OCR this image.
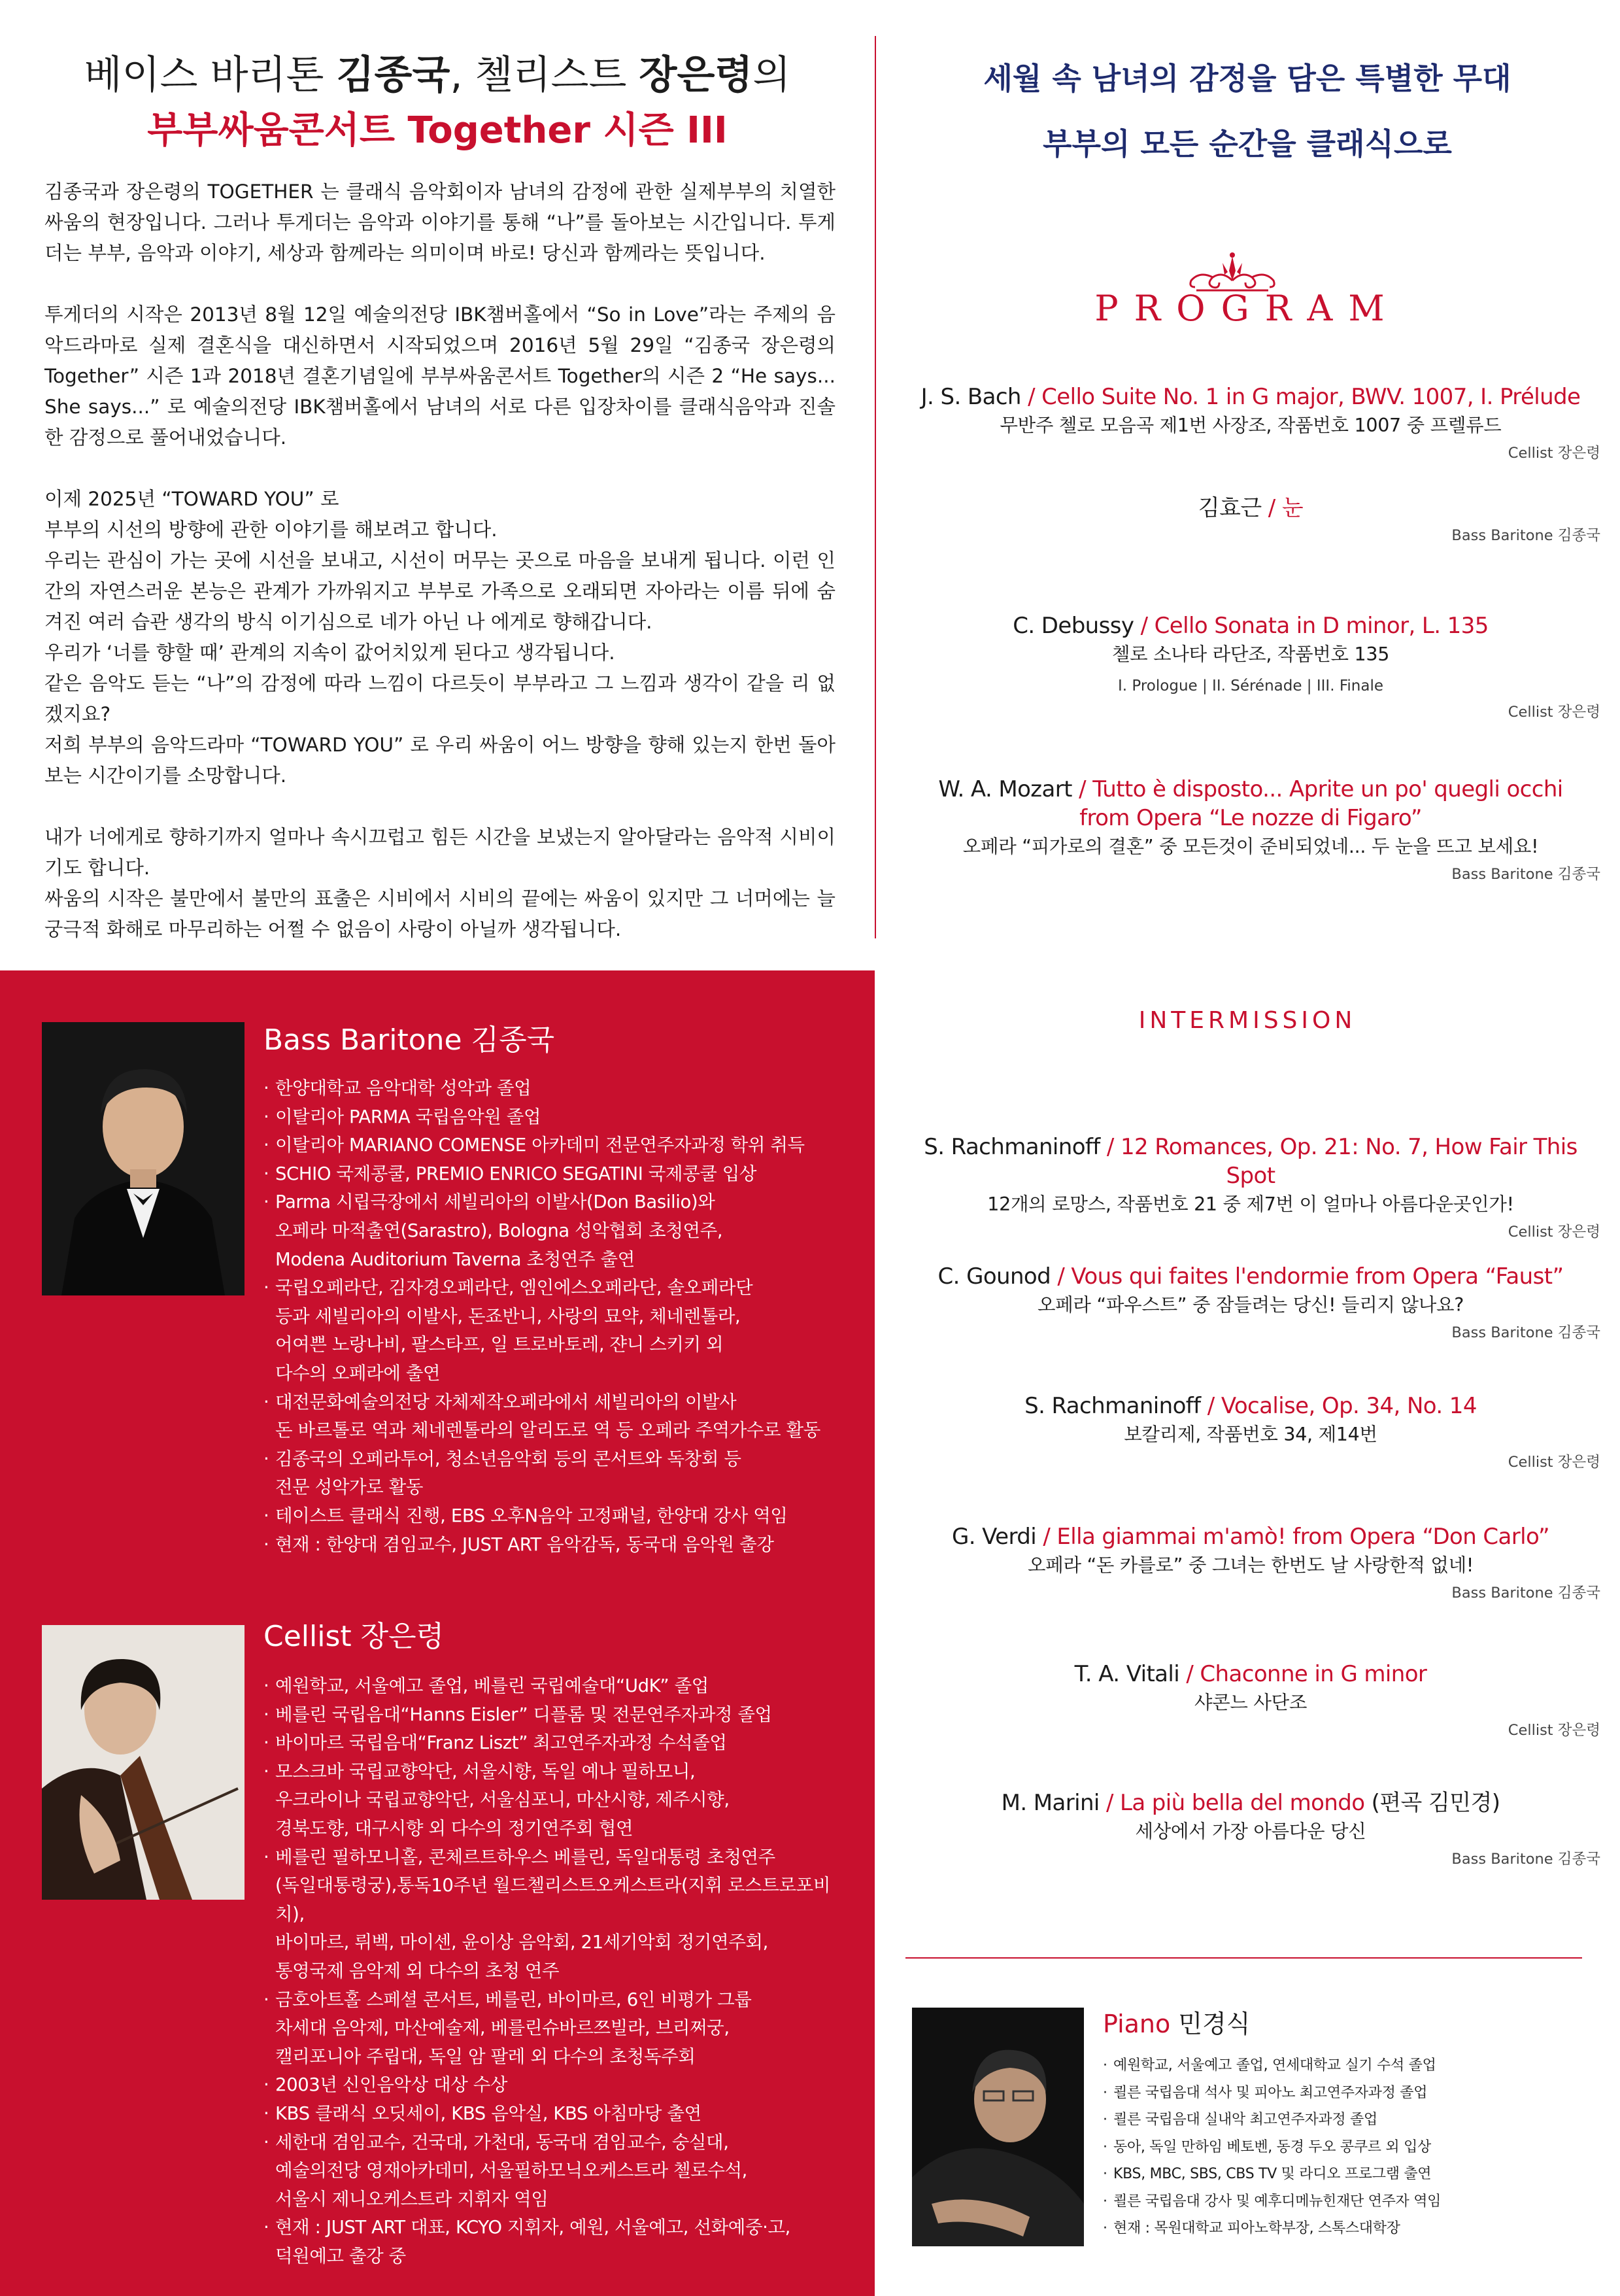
베이스 바리톤 김종국, 첼리스트 장은령의
부부싸움콘서트 Together 시즌 III

김종국과 장은령의 TOGETHER 는 클래식 음악회이자 남녀의 감정에 관한 실제부부의 치열한 싸움의 현장입니다. 그러나 투게더는 음악과 이야기를 통해 “나”를 돌아보는 시간입니다. 투게더는 부부, 음악과 이야기, 세상과 함께라는 의미이며 바로! 당신과 함께라는 뜻입니다.

투게더의 시작은 2013년 8월 12일 예술의전당 IBK챔버홀에서 “So in Love”라는 주제의 음악드라마로 실제 결혼식을 대신하면서 시작되었으며 2016년 5월 29일 “김종국 장은령의 Together” 시즌 1과 2018년 결혼기념일에 부부싸움콘서트 Together의 시즌 2 “He says... She says...” 로 예술의전당 IBK챔버홀에서 남녀의 서로 다른 입장차이를 클래식음악과 진솔한 감정으로 풀어내었습니다.

이제 2025년 “TOWARD YOU” 로
부부의 시선의 방향에 관한 이야기를 해보려고 합니다.
우리는 관심이 가는 곳에 시선을 보내고, 시선이 머무는 곳으로 마음을 보내게 됩니다. 이런 인간의 자연스러운 본능은 관계가 가까워지고 부부로 가족으로 오래되면 자아라는 이름 뒤에 숨겨진 여러 습관 생각의 방식 이기심으로 네가 아닌 나 에게로 향해갑니다.
우리가 ‘너를 향할 때’ 관계의 지속이 값어치있게 된다고 생각됩니다.
같은 음악도 듣는 “나”의 감정에 따라 느낌이 다르듯이 부부라고 그 느낌과 생각이 같을 리 없겠지요?
저희 부부의 음악드라마 “TOWARD YOU” 로 우리 싸움이 어느 방향을 향해 있는지 한번 돌아보는 시간이기를 소망합니다.

내가 너에게로 향하기까지 얼마나 속시끄럽고 힘든 시간을 보냈는지 알아달라는 음악적 시비이기도 합니다.
싸움의 시작은 불만에서 불만의 표출은 시비에서 시비의 끝에는 싸움이 있지만 그 너머에는 늘 궁극적 화해로 마무리하는 어쩔 수 없음이 사랑이 아닐까 생각됩니다.

Bass Baritone 김종국
· 한양대학교 음악대학 성악과 졸업
· 이탈리아 PARMA 국립음악원 졸업
· 이탈리아 MARIANO COMENSE 아카데미 전문연주자과정 학위 취득
· SCHIO 국제콩쿨, PREMIO ENRICO SEGATINI 국제콩쿨 입상
· Parma 시립극장에서 세빌리아의 이발사(Don Basilio)와
오페라 마적출연(Sarastro), Bologna 성악협회 초청연주,
Modena Auditorium Taverna 초청연주 출연
· 국립오페라단, 김자경오페라단, 엠인에스오페라단, 솔오페라단
등과 세빌리아의 이발사, 돈죠반니, 사랑의 묘약, 체네렌톨라,
어여쁜 노랑나비, 팔스타프, 일 트로바토레, 쟌니 스키키 외
다수의 오페라에 출연
· 대전문화예술의전당 자체제작오페라에서 세빌리아의 이발사
돈 바르톨로 역과 체네렌톨라의 알리도로 역 등 오페라 주역가수로 활동
· 김종국의 오페라투어, 청소년음악회 등의 콘서트와 독창회 등
전문 성악가로 활동
· 테이스트 클래식 진행, EBS 오후N음악 고정패널, 한양대 강사 역임
· 현재 : 한양대 겸임교수, JUST ART 음악감독, 동국대 음악원 출강
Cellist 장은령
· 예원학교, 서울예고 졸업, 베를린 국립예술대“UdK” 졸업
· 베를린 국립음대“Hanns Eisler” 디플롬 및 전문연주자과정 졸업
· 바이마르 국립음대“Franz Liszt” 최고연주자과정 수석졸업
· 모스크바 국립교향악단, 서울시향, 독일 예나 필하모니,
우크라이나 국립교향악단, 서울심포니, 마산시향, 제주시향,
경북도향, 대구시향 외 다수의 정기연주회 협연
· 베를린 필하모니홀, 콘체르트하우스 베를린, 독일대통령 초청연주
(독일대통령궁),통독10주년 월드첼리스트오케스트라(지휘 로스트로포비치),
바이마르, 뤼벡, 마이센, 윤이상 음악회, 21세기악회 정기연주회,
통영국제 음악제 외 다수의 초청 연주
· 금호아트홀 스페셜 콘서트, 베를린, 바이마르, 6인 비평가 그룹
차세대 음악제, 마산예술제, 베를린슈바르쯔빌라, 브리쩌궁,
캘리포니아 주립대, 독일 암 팔레 외 다수의 초청독주회
· 2003년 신인음악상 대상 수상
· KBS 클래식 오딧세이, KBS 음악실, KBS 아침마당 출연
· 세한대 겸임교수, 건국대, 가천대, 동국대 겸임교수, 숭실대,
예술의전당 영재아카데미, 서울필하모닉오케스트라 첼로수석,
서울시 제니오케스트라 지휘자 역임
· 현재 : JUST ART 대표, KCYO 지휘자, 예원, 서울예고, 선화예중·고,
덕원예고 출강 중
세월 속 남녀의 감정을 담은 특별한 무대
부부의 모든 순간을 클래식으로
PROGRAM
INTERMISSION
J. S. Bach / Cello Suite No. 1 in G major, BWV. 1007, I. Prélude
무반주 첼로 모음곡 제1번 사장조, 작품번호 1007 중 프렐류드
Cellist 장은령
김효근 / 눈
Bass Baritone 김종국
C. Debussy / Cello Sonata in D minor, L. 135
첼로 소나타 라단조, 작품번호 135
I. Prologue | II. Sérénade | III. Finale
Cellist 장은령
W. A. Mozart / Tutto è disposto... Aprite un po' quegli occhi
from Opera “Le nozze di Figaro”
오페라 “피가로의 결혼” 중 모든것이 준비되었네... 두 눈을 뜨고 보세요!
Bass Baritone 김종국
S. Rachmaninoff / 12 Romances, Op. 21: No. 7, How Fair This Spot
12개의 로망스, 작품번호 21 중 제7번 이 얼마나 아름다운곳인가!
Cellist 장은령
C. Gounod / Vous qui faites l'endormie from Opera “Faust”
오페라 “파우스트” 중 잠들려는 당신! 들리지 않나요?
Bass Baritone 김종국
S. Rachmaninoff / Vocalise, Op. 34, No. 14
보칼리제, 작품번호 34, 제14번
Cellist 장은령
G. Verdi / Ella giammai m'amò! from Opera “Don Carlo”
오페라 “돈 카를로” 중 그녀는 한번도 날 사랑한적 없네!
Bass Baritone 김종국
T. A. Vitali / Chaconne in G minor
샤콘느 사단조
Cellist 장은령
M. Marini / La più bella del mondo (편곡 김민경)
세상에서 가장 아름다운 당신
Bass Baritone 김종국
Piano 민경식
· 예원학교, 서울예고 졸업, 연세대학교 실기 수석 졸업
· 쾰른 국립음대 석사 및 피아노 최고연주자과정 졸업
· 쾰른 국립음대 실내악 최고연주자과정 졸업
· 동아, 독일 만하임 베토벤, 동경 두오 콩쿠르 외 입상
· KBS, MBC, SBS, CBS TV 및 라디오 프로그램 출연
· 쾰른 국립음대 강사 및 예후디메뉴힌재단 연주자 역임
· 현재 : 목원대학교 피아노학부장, 스톡스대학장
